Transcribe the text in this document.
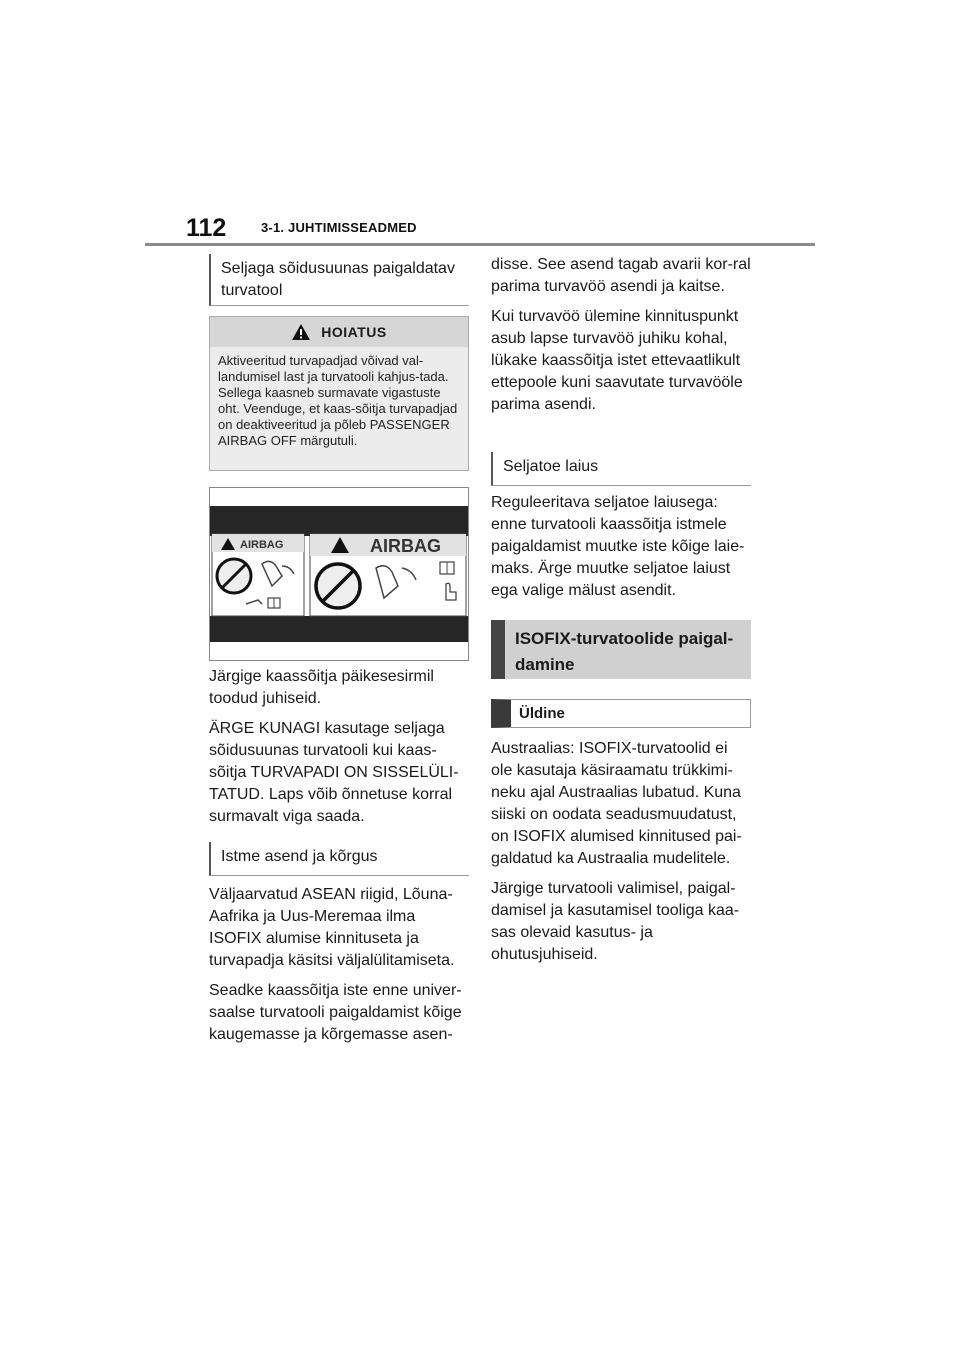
112	3-1. JUHTIMISSEADMED
Seljaga sõidusuunas paigaldatav turvatool
HOIATUS
Aktiveeritud turvapadjad võivad val-landumisel last ja turvatooli kahjus-tada. Sellega kaasneb surmavate vigastuste oht. Veenduge, et kaas-sõitja turvapadjad on deaktiveeritud ja põleb PASSENGER AIRBAG OFF märgutuli.
AIRBAG	AIRBAG

Järgige kaassõitja päikesesirmil toodud juhiseid.

ÄRGE KUNAGI kasutage seljaga sõidusuunas turvatooli kui kaas-sõitja TURVAPADI ON SISSELÜLI-TATUD. Laps võib õnnetuse korral surmavalt viga saada.

Istme asend ja kõrgus

Väljaarvatud ASEAN riigid, Lõuna-Aafrika ja Uus-Meremaa ilma ISOFIX alumise kinnituseta ja turvapadja käsitsi väljalülitamiseta.

Seadke kaassõitja iste enne univer-saalse turvatooli paigaldamist kõige kaugemasse ja kõrgemasse asen-

disse. See asend tagab avarii kor-ral parima turvavöö asendi ja kaitse.

Kui turvavöö ülemine kinnituspunkt asub lapse turvavöö juhiku kohal, lükake kaassõitja istet ettevaatlikult ettepoole kuni saavutate turvavööle parima asendi.

Seljatoe laius

Reguleeritava seljatoe laiusega: enne turvatooli kaassõitja istmele paigaldamist muutke iste kõige laie-maks. Ärge muutke seljatoe laiust ega valige mälust asendit.

ISOFIX-turvatoolide paigal-damine
Üldine

Austraalias: ISOFIX-turvatoolid ei ole kasutaja käsiraamatu trükkimi-neku ajal Austraalias lubatud. Kuna siiski on oodata seadusmuudatust, on ISOFIX alumised kinnitused pai-galdatud ka Austraalia mudelitele.

Järgige turvatooli valimisel, paigal-damisel ja kasutamisel tooliga kaa-sas olevaid kasutus- ja ohutusjuhiseid.
